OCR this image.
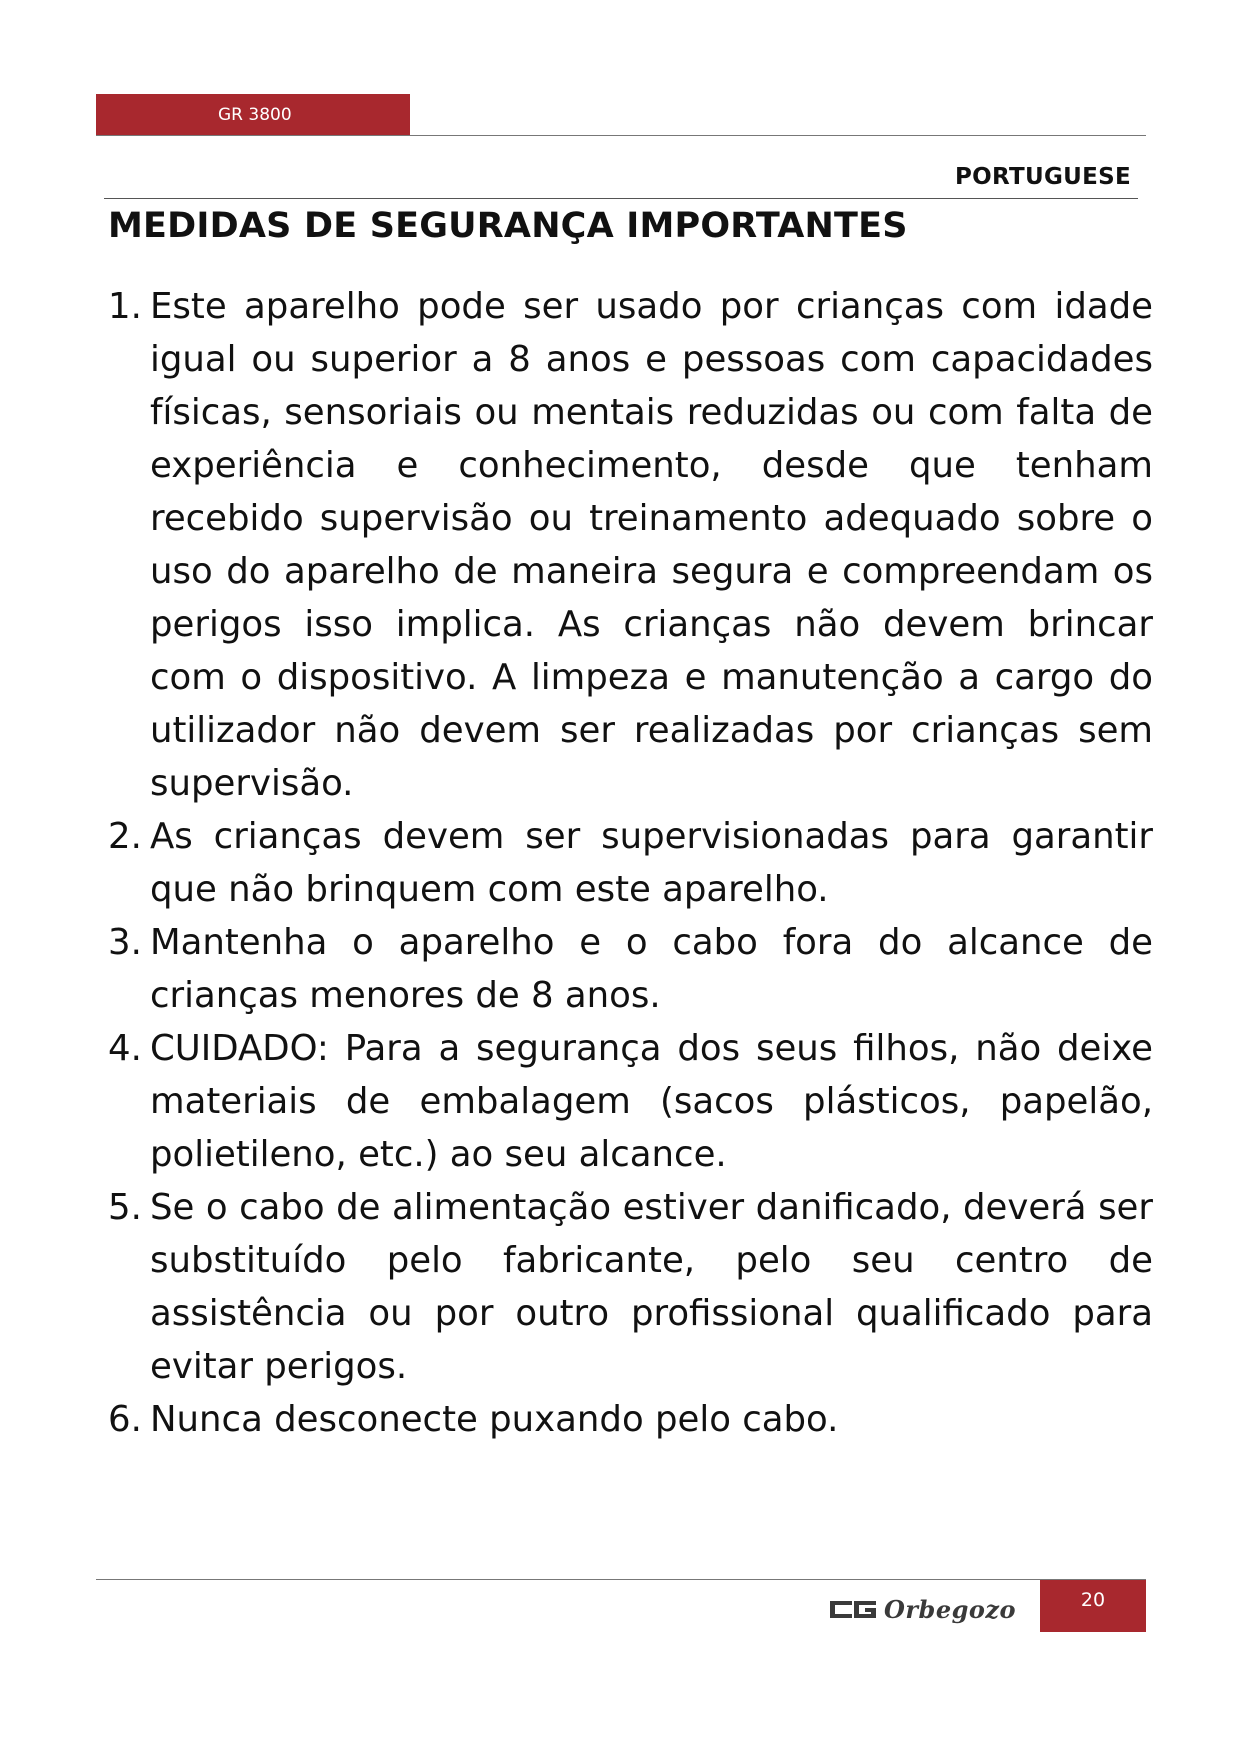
GR 3800
PORTUGUESE
MEDIDAS DE SEGURANÇA IMPORTANTES
1. Este aparelho pode ser usado por crianças com idade igual ou superior a 8 anos e pessoas com capacidades físicas, sensoriais ou mentais reduzidas ou com falta de experiência e conhecimento, desde que tenham recebido supervisão ou treinamento adequado sobre o uso do aparelho de maneira segura e compreendam os perigos isso implica. As crianças não devem brincar com o dispositivo. A limpeza e manutenção a cargo do utilizador não devem ser realizadas por crianças sem supervisão.
2. As crianças devem ser supervisionadas para garantir que não brinquem com este aparelho.
3. Mantenha o aparelho e o cabo fora do alcance de crianças menores de 8 anos.
4. CUIDADO: Para a segurança dos seus filhos, não deixe materiais de embalagem (sacos plásticos, papelão, polietileno, etc.) ao seu alcance.
5. Se o cabo de alimentação estiver danificado, deverá ser substituído pelo fabricante, pelo seu centro de assistência ou por outro profissional qualificado para evitar perigos.
6. Nunca desconecte puxando pelo cabo.
Orbegozo	20
